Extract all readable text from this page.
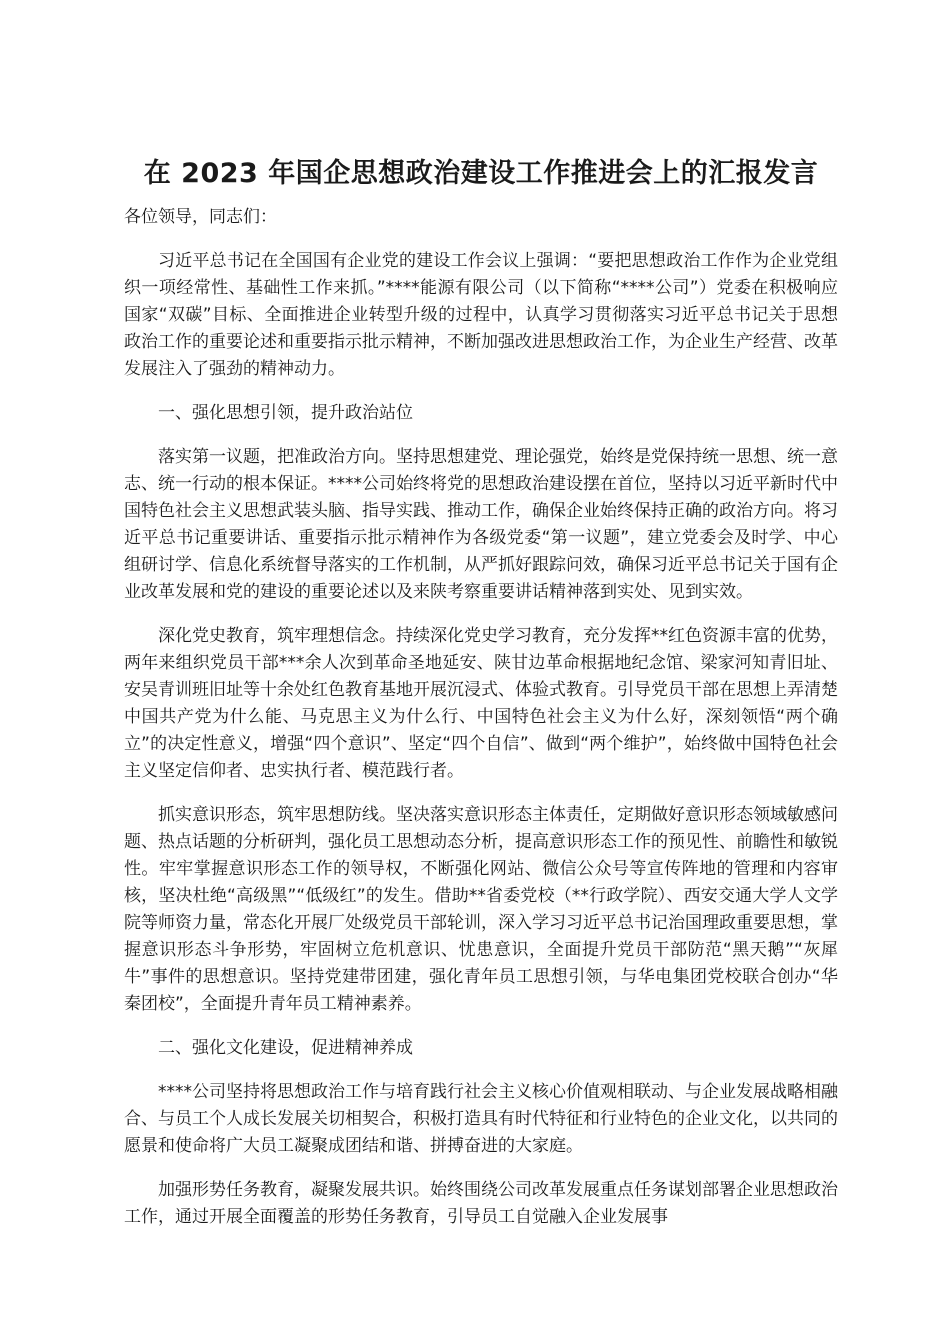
在 2023 年国企思想政治建设工作推进会上的汇报发言

各位领导，同志们：

习近平总书记在全国国有企业党的建设工作会议上强调：“要把思想政治工作作为企业党组织一项经常性、基础性工作来抓。”****能源有限公司（以下简称“****公司”）党委在积极响应国家“双碳”目标、全面推进企业转型升级的过程中，认真学习贯彻落实习近平总书记关于思想政治工作的重要论述和重要指示批示精神，不断加强改进思想政治工作，为企业生产经营、改革发展注入了强劲的精神动力。

一、强化思想引领，提升政治站位

落实第一议题，把准政治方向。坚持思想建党、理论强党，始终是党保持统一思想、统一意志、统一行动的根本保证。****公司始终将党的思想政治建设摆在首位，坚持以习近平新时代中国特色社会主义思想武装头脑、指导实践、推动工作，确保企业始终保持正确的政治方向。将习近平总书记重要讲话、重要指示批示精神作为各级党委“第一议题”，建立党委会及时学、中心组研讨学、信息化系统督导落实的工作机制，从严抓好跟踪问效，确保习近平总书记关于国有企业改革发展和党的建设的重要论述以及来陕考察重要讲话精神落到实处、见到实效。

深化党史教育，筑牢理想信念。持续深化党史学习教育，充分发挥**红色资源丰富的优势，两年来组织党员干部***余人次到革命圣地延安、陕甘边革命根据地纪念馆、梁家河知青旧址、安吴青训班旧址等十余处红色教育基地开展沉浸式、体验式教育。引导党员干部在思想上弄清楚中国共产党为什么能、马克思主义为什么行、中国特色社会主义为什么好，深刻领悟“两个确立”的决定性意义，增强“四个意识”、坚定“四个自信”、做到“两个维护”，始终做中国特色社会主义坚定信仰者、忠实执行者、模范践行者。

抓实意识形态，筑牢思想防线。坚决落实意识形态主体责任，定期做好意识形态领域敏感问题、热点话题的分析研判，强化员工思想动态分析，提高意识形态工作的预见性、前瞻性和敏锐性。牢牢掌握意识形态工作的领导权，不断强化网站、微信公众号等宣传阵地的管理和内容审核，坚决杜绝“高级黑”“低级红”的发生。借助**省委党校（**行政学院）、西安交通大学人文学院等师资力量，常态化开展厂处级党员干部轮训，深入学习习近平总书记治国理政重要思想，掌握意识形态斗争形势，牢固树立危机意识、忧患意识，全面提升党员干部防范“黑天鹅”“灰犀牛”事件的思想意识。坚持党建带团建，强化青年员工思想引领，与华电集团党校联合创办“华秦团校”，全面提升青年员工精神素养。

二、强化文化建设，促进精神养成

****公司坚持将思想政治工作与培育践行社会主义核心价值观相联动、与企业发展战略相融合、与员工个人成长发展关切相契合，积极打造具有时代特征和行业特色的企业文化，以共同的愿景和使命将广大员工凝聚成团结和谐、拼搏奋进的大家庭。

加强形势任务教育，凝聚发展共识。始终围绕公司改革发展重点任务谋划部署企业思想政治工作，通过开展全面覆盖的形势任务教育，引导员工自觉融入企业发展事
